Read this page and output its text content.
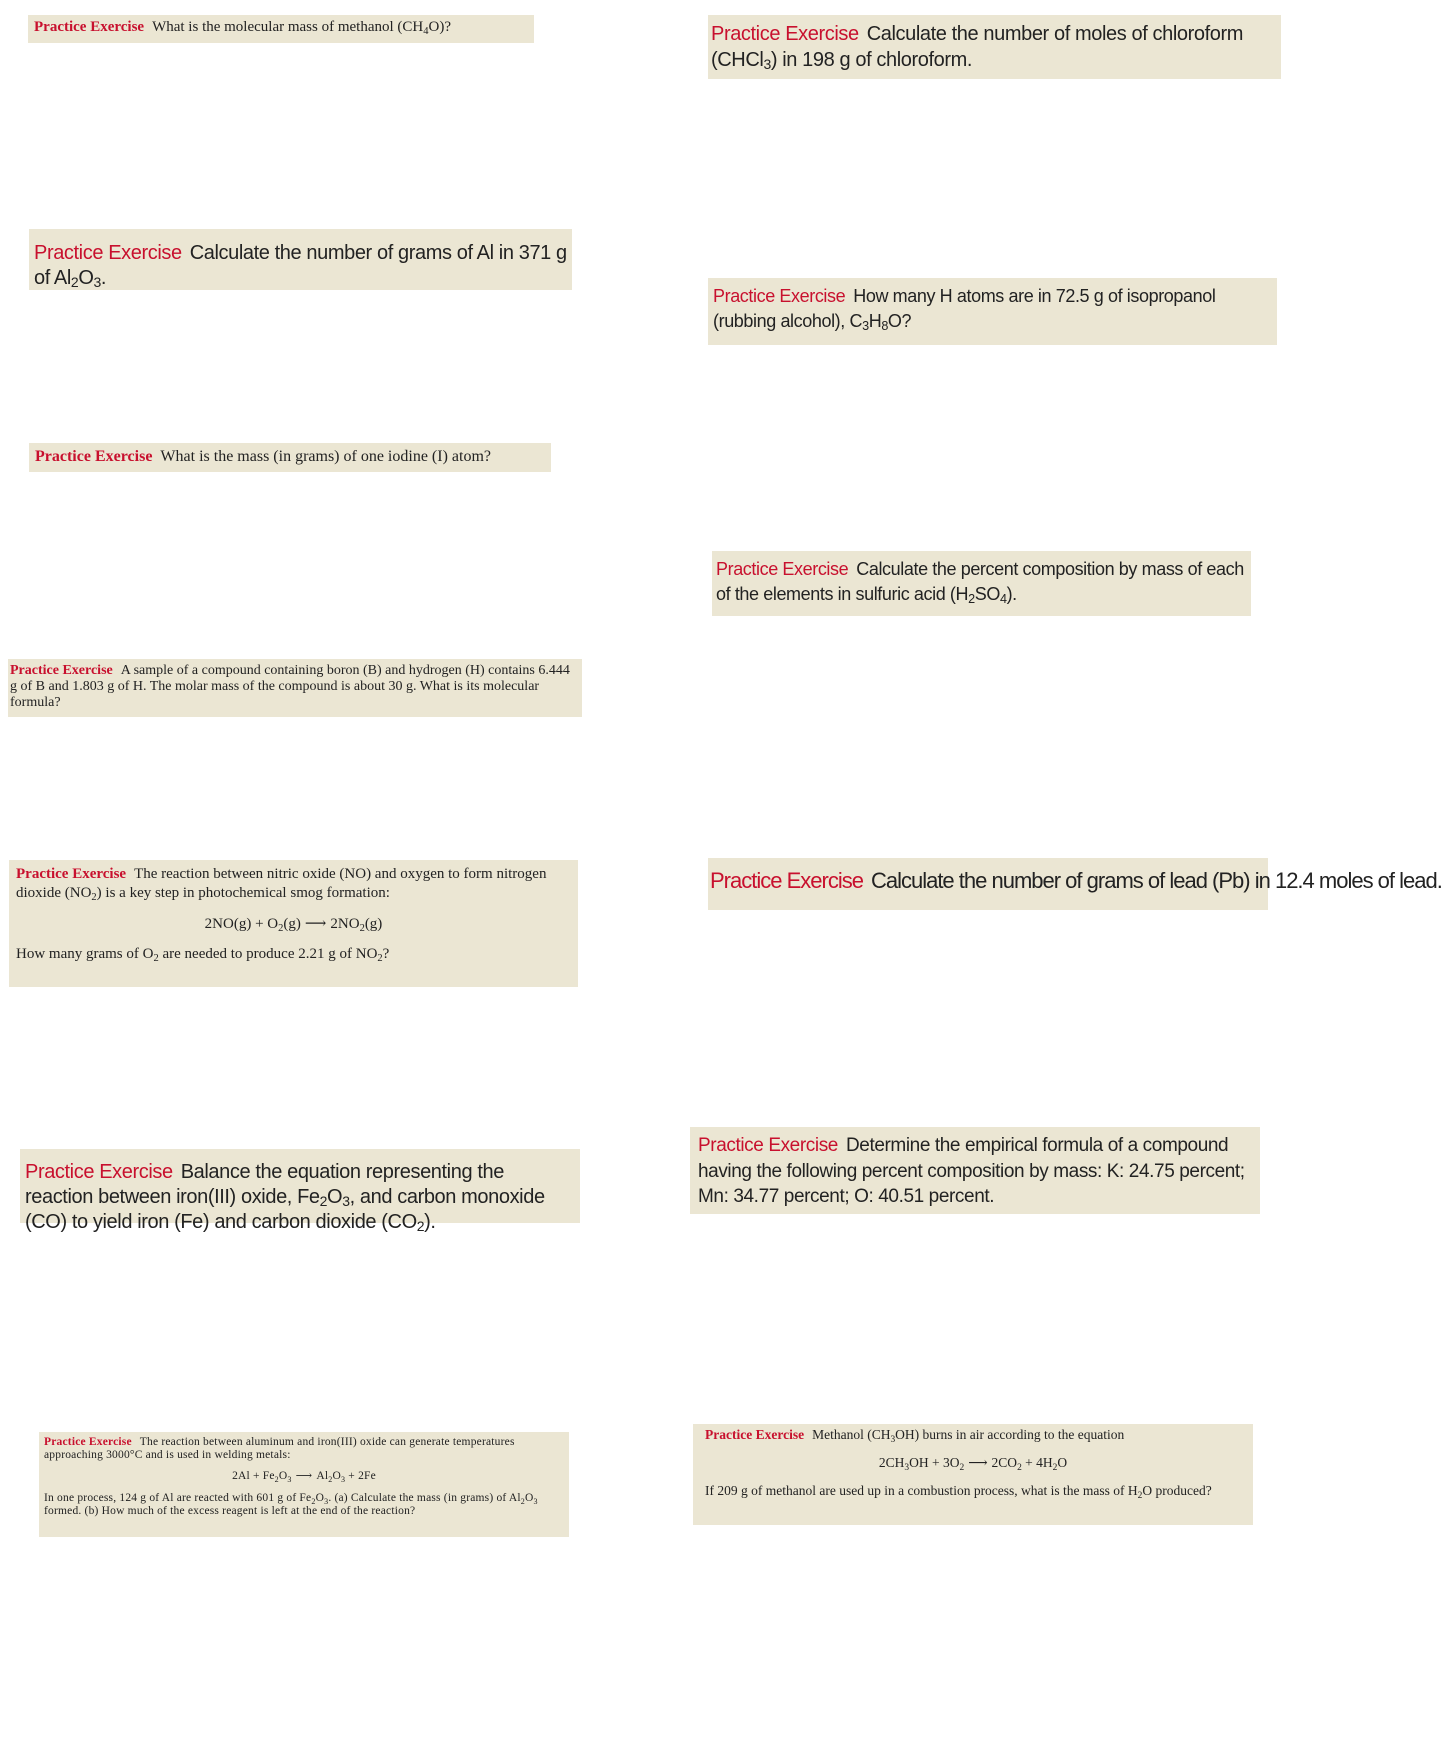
Practice Exercise What is the molecular mass of methanol $(CH_4O)$?
Practice Exercise Calculate the number of grams of Al in 371 g of $Al_2O_3$.
Practice Exercise What is the mass (in grams) of one iodine (I) atom?
Practice Exercise A sample of a compound containing boron (B) and hydrogen (H) contains 6.444 g of B and 1.803 g of H. The molar mass of the compound is about 30 g. What is its molecular formula?
Practice Exercise The reaction between nitric oxide (NO) and oxygen to form nitrogen dioxide $(NO_2)$ is a key step in photochemical smog formation:
$2NO(g) + O_2(g)$ ⟶ $2NO_2(g)$
How many grams of $O_2$ are needed to produce 2.21 g of $NO_2$?
Practice Exercise Balance the equation representing the reaction between iron(III) oxide, $Fe_2O_3$, and carbon monoxide (CO) to yield iron (Fe) and carbon dioxide $(CO_2)$.
Practice Exercise The reaction between aluminum and iron(III) oxide can generate temperatures approaching 3000°C and is used in welding metals:
$2Al + Fe_2O_3$ ⟶ $Al_2O_3 + 2Fe$
In one process, 124 g of Al are reacted with 601 g of $Fe_2O_3$. (a) Calculate the mass (in grams) of $Al_2O_3$ formed. (b) How much of the excess reagent is left at the end of the reaction?
Practice Exercise Calculate the number of moles of chloroform (CHCl$_3$) in 198 g of chloroform.
Practice Exercise How many H atoms are in 72.5 g of isopropanol (rubbing alcohol), $C_3H_8O$?
Practice Exercise Calculate the percent composition by mass of each of the elements in sulfuric acid $(H_2SO_4)$.
Practice Exercise Calculate the number of grams of lead (Pb) in 12.4 moles of lead.
Practice Exercise Determine the empirical formula of a compound having the following percent composition by mass: K: 24.75 percent; Mn: 34.77 percent; O: 40.51 percent.
Practice Exercise Methanol $(CH_3OH)$ burns in air according to the equation
$2CH_3OH + 3O_2$ ⟶ $2CO_2 + 4H_2O$
If 209 g of methanol are used up in a combustion process, what is the mass of $H_2O$ produced?
